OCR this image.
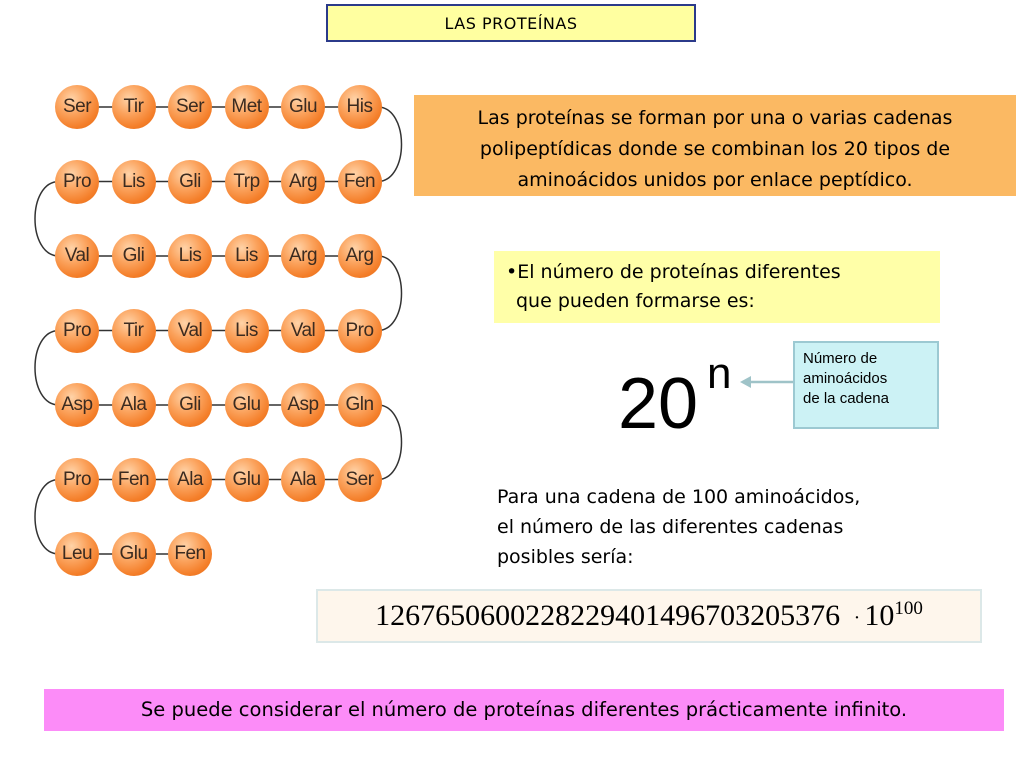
LAS PROTEÍNAS
Ser Tir Ser Met Glu His
Pro Lis Gli Trp Arg Fen
Val Gli Lis Lis Arg Arg
Pro Tir Val Lis Val Pro
Asp Ala Gli Glu Asp Gln
Pro Fen Ala Glu Ala Ser
Leu Glu Fen
Las proteínas se forman por una o varias cadenas
polipeptídicas donde se combinan los 20 tipos de
aminoácidos unidos por enlace peptídico.
•El número de proteínas diferentes
que pueden formarse es:
20 n	Número de
aminoácidos
de la cadena
Para una cadena de 100 aminoácidos,
el número de las diferentes cadenas
posibles sería:
$1267650600228229401496703205376 \cdot 10^{100}$
Se puede considerar el número de proteínas diferentes prácticamente infinito.
